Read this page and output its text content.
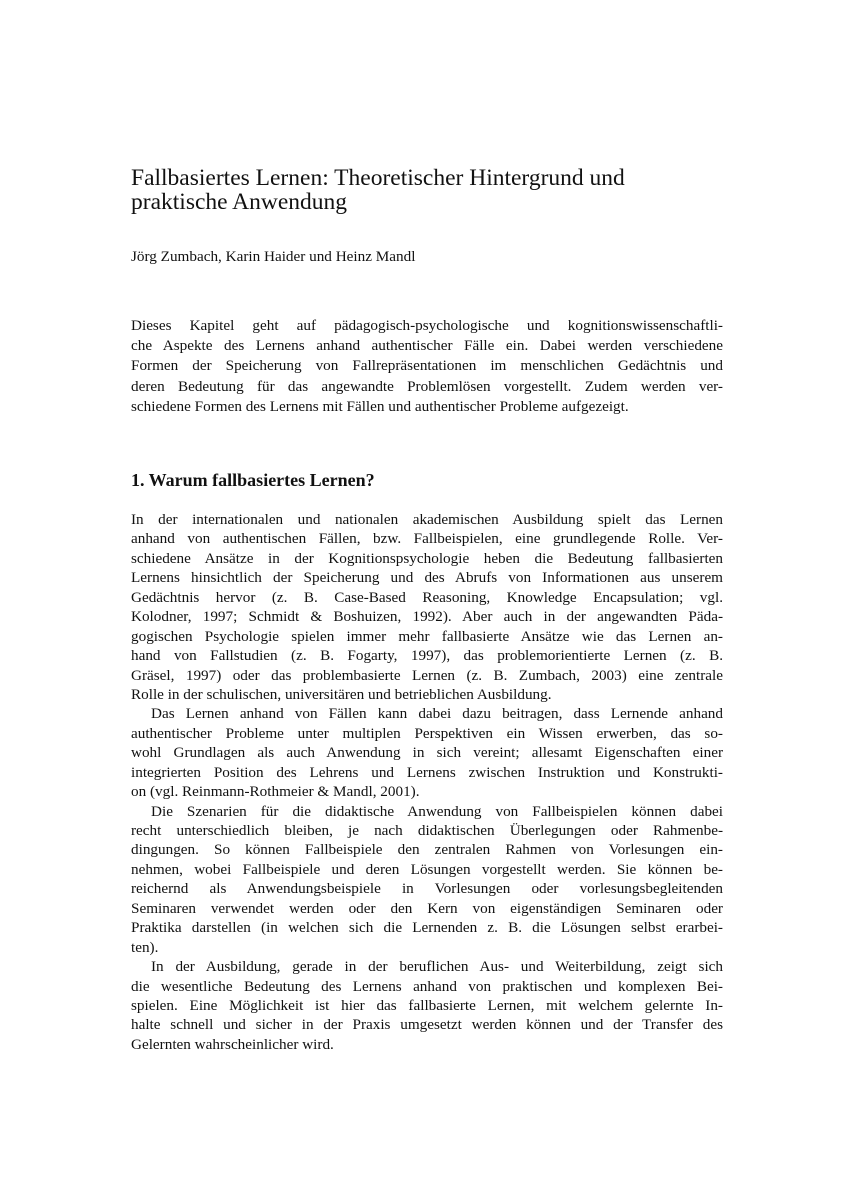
Fallbasiertes Lernen: Theoretischer Hintergrund und
praktische Anwendung

Jörg Zumbach, Karin Haider und Heinz Mandl

Dieses Kapitel geht auf pädagogisch-psychologische und kognitionswissenschaftli-
che Aspekte des Lernens anhand authentischer Fälle ein. Dabei werden verschiedene
Formen der Speicherung von Fallrepräsentationen im menschlichen Gedächtnis und
deren Bedeutung für das angewandte Problemlösen vorgestellt. Zudem werden ver-
schiedene Formen des Lernens mit Fällen und authentischer Probleme aufgezeigt.
1. Warum fallbasiertes Lernen?
In der internationalen und nationalen akademischen Ausbildung spielt das Lernen
anhand von authentischen Fällen, bzw. Fallbeispielen, eine grundlegende Rolle. Ver-
schiedene Ansätze in der Kognitionspsychologie heben die Bedeutung fallbasierten
Lernens hinsichtlich der Speicherung und des Abrufs von Informationen aus unserem
Gedächtnis hervor (z. B. Case-Based Reasoning, Knowledge Encapsulation; vgl.
Kolodner, 1997; Schmidt & Boshuizen, 1992). Aber auch in der angewandten Päda-
gogischen Psychologie spielen immer mehr fallbasierte Ansätze wie das Lernen an-
hand von Fallstudien (z. B. Fogarty, 1997), das problemorientierte Lernen (z. B.
Gräsel, 1997) oder das problembasierte Lernen (z. B. Zumbach, 2003) eine zentrale
Rolle in der schulischen, universitären und betrieblichen Ausbildung.
Das Lernen anhand von Fällen kann dabei dazu beitragen, dass Lernende anhand
authentischer Probleme unter multiplen Perspektiven ein Wissen erwerben, das so-
wohl Grundlagen als auch Anwendung in sich vereint; allesamt Eigenschaften einer
integrierten Position des Lehrens und Lernens zwischen Instruktion und Konstrukti-
on (vgl. Reinmann-Rothmeier & Mandl, 2001).
Die Szenarien für die didaktische Anwendung von Fallbeispielen können dabei
recht unterschiedlich bleiben, je nach didaktischen Überlegungen oder Rahmenbe-
dingungen. So können Fallbeispiele den zentralen Rahmen von Vorlesungen ein-
nehmen, wobei Fallbeispiele und deren Lösungen vorgestellt werden. Sie können be-
reichernd als Anwendungsbeispiele in Vorlesungen oder vorlesungsbegleitenden
Seminaren verwendet werden oder den Kern von eigenständigen Seminaren oder
Praktika darstellen (in welchen sich die Lernenden z. B. die Lösungen selbst erarbei-
ten).
In der Ausbildung, gerade in der beruflichen Aus- und Weiterbildung, zeigt sich
die wesentliche Bedeutung des Lernens anhand von praktischen und komplexen Bei-
spielen. Eine Möglichkeit ist hier das fallbasierte Lernen, mit welchem gelernte In-
halte schnell und sicher in der Praxis umgesetzt werden können und der Transfer des
Gelernten wahrscheinlicher wird.
